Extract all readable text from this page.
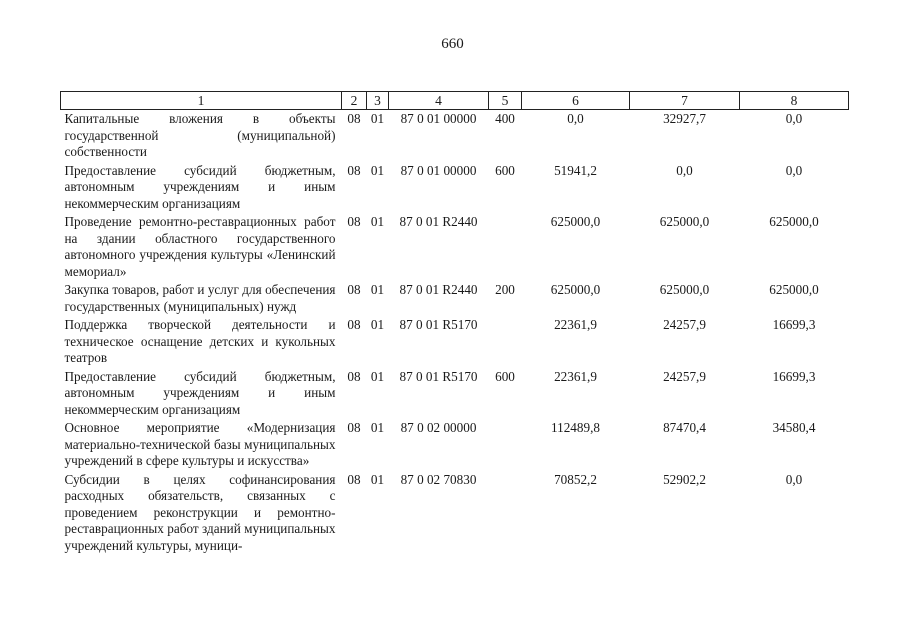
660
1	2	3	4	5	6	7	8
Капитальные вложения в объекты государственной (муниципальной) собственности	08	01	87 0 01 00000	400	0,0	32927,7	0,0
Предоставление субсидий бюджетным, автономным учреждениям и иным некоммерческим организациям	08	01	87 0 01 00000	600	51941,2	0,0	0,0
Проведение ремонтно-реставрационных работ на здании областного государственного автономного учреждения культуры «Ленинский мемориал»	08	01	87 0 01 R2440		625000,0	625000,0	625000,0
Закупка товаров, работ и услуг для обеспечения государственных (муниципальных) нужд	08	01	87 0 01 R2440	200	625000,0	625000,0	625000,0
Поддержка творческой деятельности и техническое оснащение детских и кукольных театров	08	01	87 0 01 R5170		22361,9	24257,9	16699,3
Предоставление субсидий бюджетным, автономным учреждениям и иным некоммерческим организациям	08	01	87 0 01 R5170	600	22361,9	24257,9	16699,3
Основное мероприятие «Модернизация материально-технической базы муниципальных учреждений в сфере культуры и искусства»	08	01	87 0 02 00000		112489,8	87470,4	34580,4
Субсидии в целях софинансирования расходных обязательств, связанных с проведением реконструкции и ремонтно-реставрационных работ зданий муниципальных учреждений культуры, муници-	08	01	87 0 02 70830		70852,2	52902,2	0,0
